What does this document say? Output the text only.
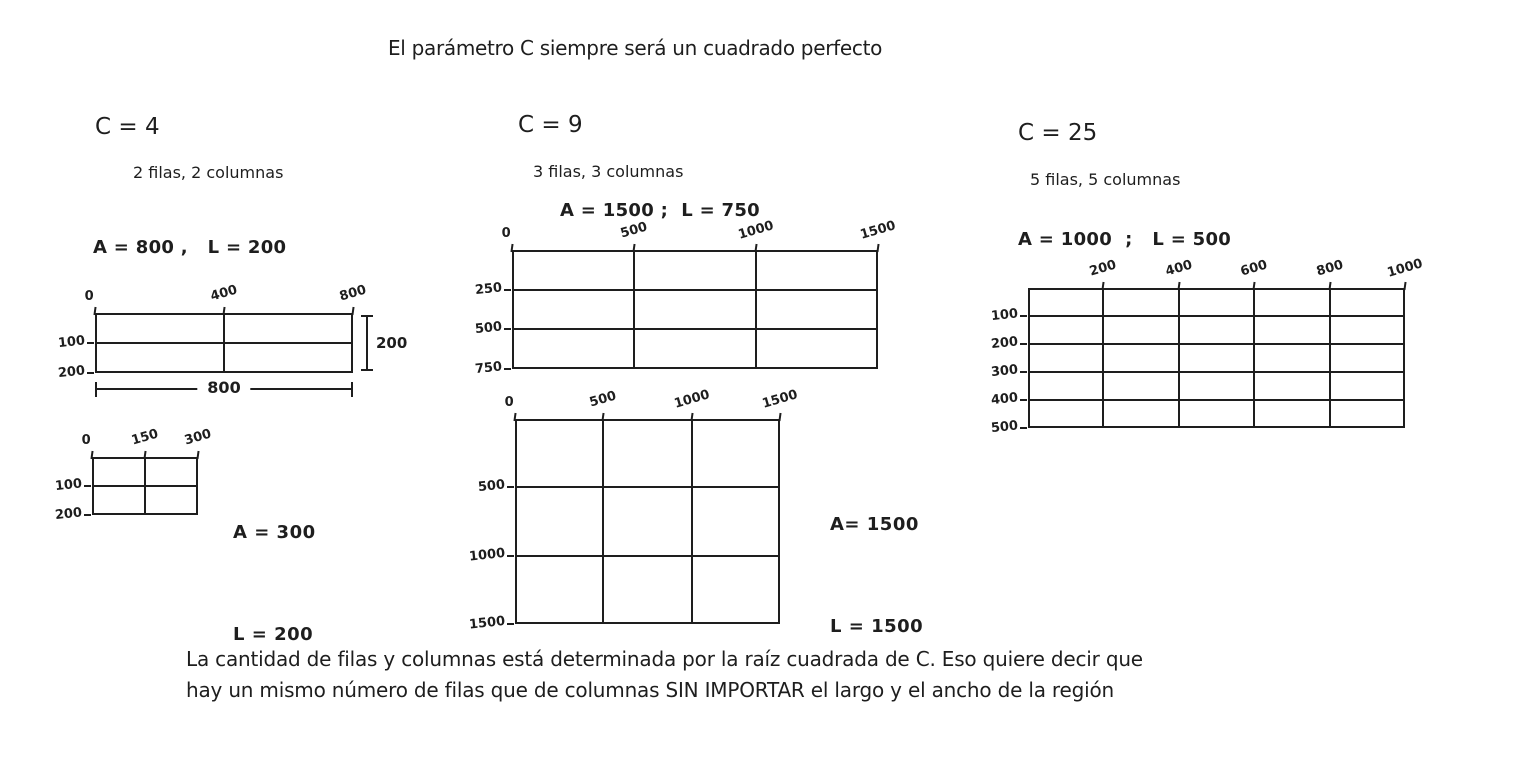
El parámetro C siempre será un cuadrado perfecto
C = 4
2 filas, 2 columnas
A = 800 ,   L = 200
200
800
0	400	800
100
200
0	150 300
100
200

A = 300

L = 200

C = 9
3 filas, 3 columnas
A = 1500 ;  L = 750
0	500	1000	1500
250
500
750
0	500	1000	1500
500
1000
1500

A= 1500

L = 1500

C = 25
5 filas, 5 columnas
A = 1000  ;   L = 500
200	400	600	800	1000
100
200
300
400
500
La cantidad de filas y columnas está determinada por la raíz cuadrada de C. Eso quiere decir que
hay un mismo número de filas que de columnas SIN IMPORTAR el largo y el ancho de la región
